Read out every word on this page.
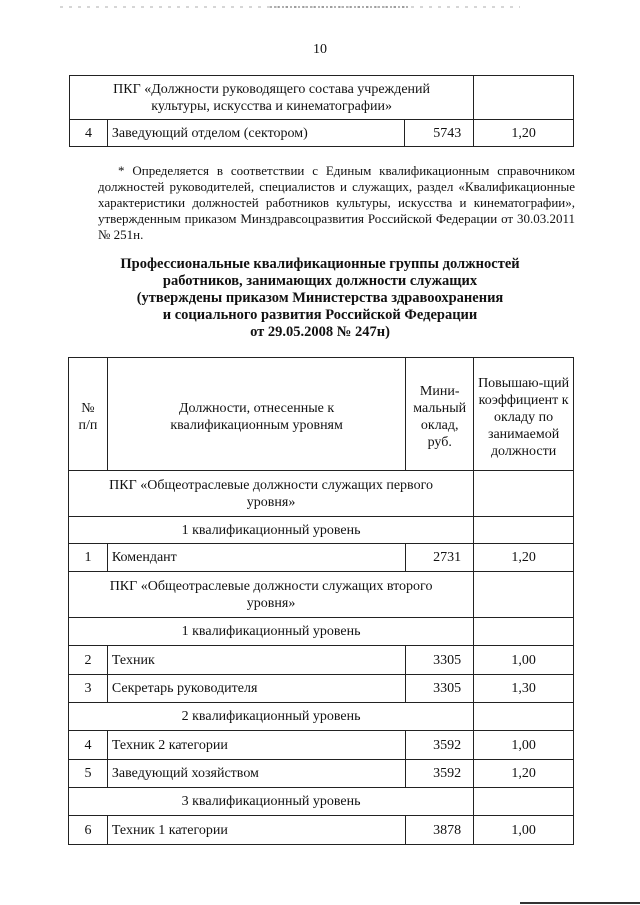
10
ПКГ «Должности руководящего состава учреждений культуры, искусства и кинематографии»			
4	Заведующий отделом (сектором)	5743	1,20
* Определяется в соответствии с Единым квалификационным справочником должностей руководителей, специалистов и служащих, раздел «Квалификационные характеристики должностей работников культуры, искусства и кинематографии», утвержденным приказом Минздравсоцразвития Российской Федерации от 30.03.2011 № 251н.
Профессиональные квалификационные группы должностей
работников, занимающих должности служащих
(утверждены приказом Министерства здравоохранения
и социального развития Российской Федерации
от 29.05.2008 № 247н)
№ п/п	Должности, отнесенные к квалификационным уровням	Мини-мальный оклад, руб.	Повышаю-щий коэффициент к окладу по занимаемой должности
ПКГ «Общеотраслевые должности служащих первого уровня»			
1 квалификационный уровень			
1	Комендант	2731	1,20
ПКГ «Общеотраслевые должности служащих второго уровня»			
1 квалификационный уровень			
2	Техник	3305	1,00
3	Секретарь руководителя	3305	1,30
2 квалификационный уровень			
4	Техник 2 категории	3592	1,00
5	Заведующий хозяйством	3592	1,20
3 квалификационный уровень			
6	Техник 1 категории	3878	1,00
